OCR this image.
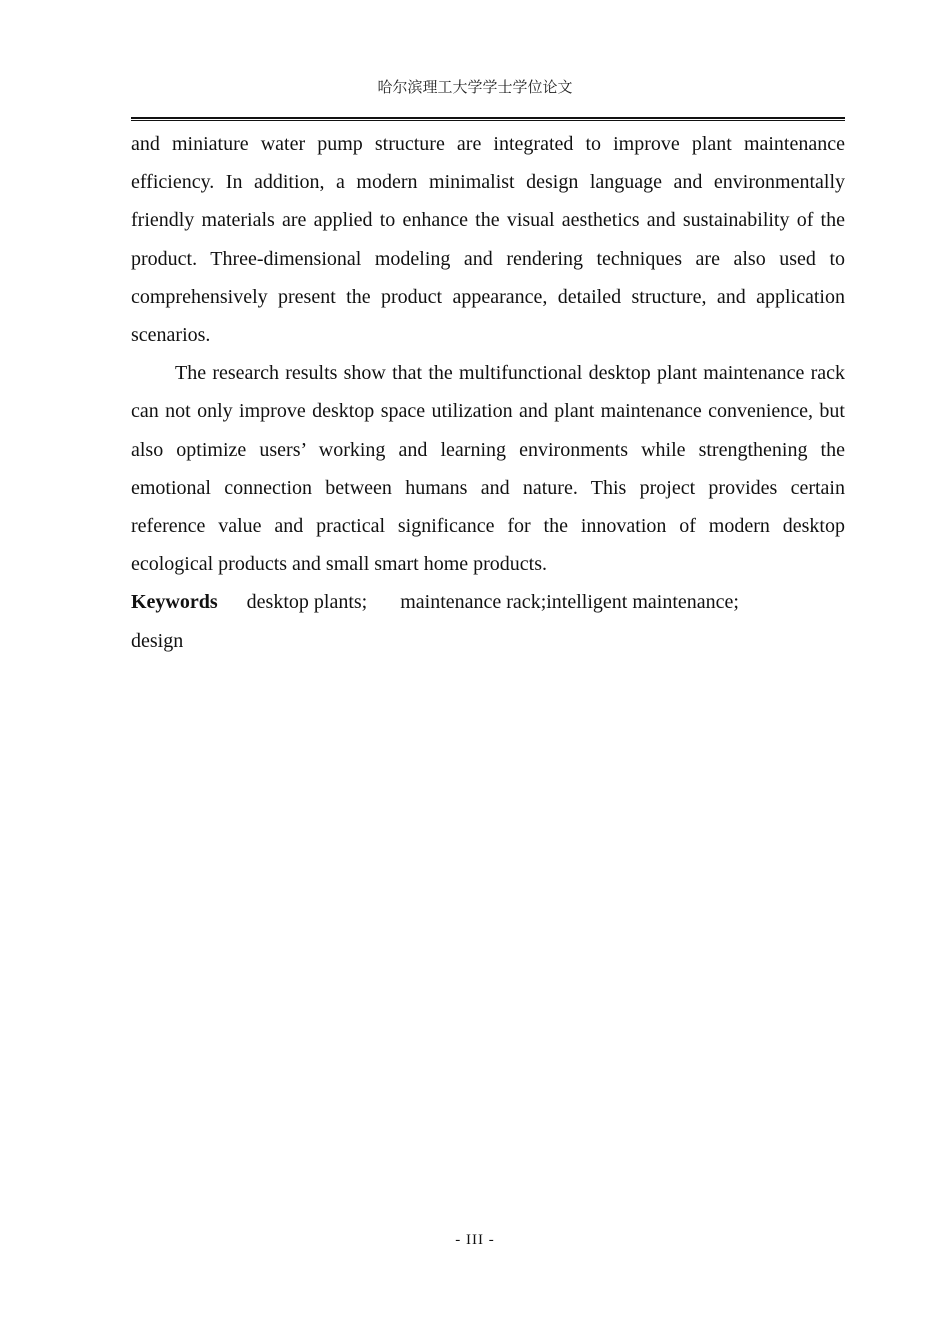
哈尔滨理工大学学士学位论文

and miniature water pump structure are integrated to improve plant maintenance efficiency. In addition, a modern minimalist design language and environmentally friendly materials are applied to enhance the visual aesthetics and sustainability of the product. Three-dimensional modeling and rendering techniques are also used to comprehensively present the product appearance, detailed structure, and application scenarios.

The research results show that the multifunctional desktop plant maintenance rack can not only improve desktop space utilization and plant maintenance convenience, but also optimize users’ working and learning environments while strengthening the emotional connection between humans and nature. This project provides certain reference value and practical significance for the innovation of modern desktop ecological products and small smart home products.

Keywords desktop plants; maintenance rack; intelligent maintenance;
design
- III -
